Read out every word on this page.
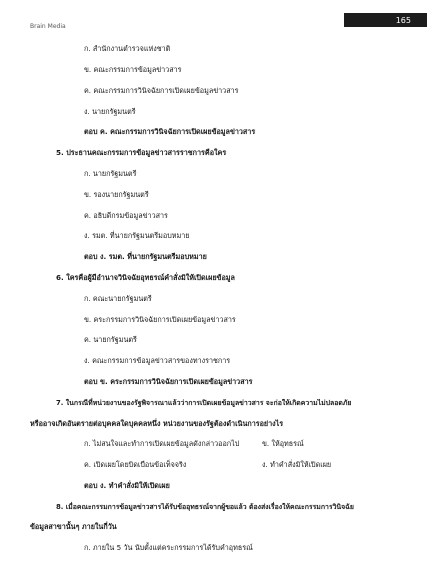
Brain Media
165
ก. สำนักงานตำรวจแห่งชาติ
ข. คณะกรรมการข้อมูลข่าวสาร
ค. คณะกรรมการวินิจฉัยการเปิดเผยข้อมูลข่าวสาร
ง. นายกรัฐมนตรี
ตอบ ค. คณะกรรมการวินิจฉัยการเปิดเผยข้อมูลข่าวสาร
5. ประธานคณะกรรมการข้อมูลข่าวสารราชการคือใคร
ก. นายกรัฐมนตรี
ข. รองนายกรัฐมนตรี
ค. อธิบดีกรมข้อมูลข่าวสาร
ง. รมต. ที่นายกรัฐมนตรีมอบหมาย
ตอบ ง. รมต. ที่นายกรัฐมนตรีมอบหมาย
6. ใครคือผู้มีอำนาจวินิจฉัยอุทธรณ์คำสั่งมิให้เปิดเผยข้อมูล
ก. คณะนายกรัฐมนตรี
ข. คระกรรมการวินิจฉัยการเปิดเผยข้อมูลข่าวสาร
ค. นายกรัฐมนตรี
ง. คณะกรรมการข้อมูลข่าวสารของทางราชการ
ตอบ ข. คระกรรมการวินิจฉัยการเปิดเผยข้อมูลข่าวสาร
7. ในกรณีที่หน่วยงานของรัฐพิจารณาแล้วว่าการเปิดเผยข้อมูลข่าวสาร จะก่อให้เกิดความไม่ปลอดภัย
หรืออาจเกิดอันตรายต่อบุคคลใดบุคคลหนึ่ง หน่วยงานของรัฐต้องดำเนินการอย่างไร
ก. ไม่สนใจและทำการเปิดเผยข้อมูลดังกล่าวออกไป	ข. ให้อุทธรณ์
ค. เปิดเผยโดยบิดเบือนข้อเท็จจริง	ง. ทำคำสั่งมิให้เปิดเผย
ตอบ ง. ทำคำสั่งมิให้เปิดเผย
8. เมื่อคณะกรรมการข้อมูลข่าวสารได้รับข้ออุทธรณ์จากผู้ขอแล้ว ต้องส่งเรื่องให้คณะกรรมการวินิจฉัย
ข้อมูลสาขานั้นๆ ภายในกี่วัน
ก. ภายใน 5 วัน นับตั้งแต่คระกรรมการได้รับคำอุทธรณ์
